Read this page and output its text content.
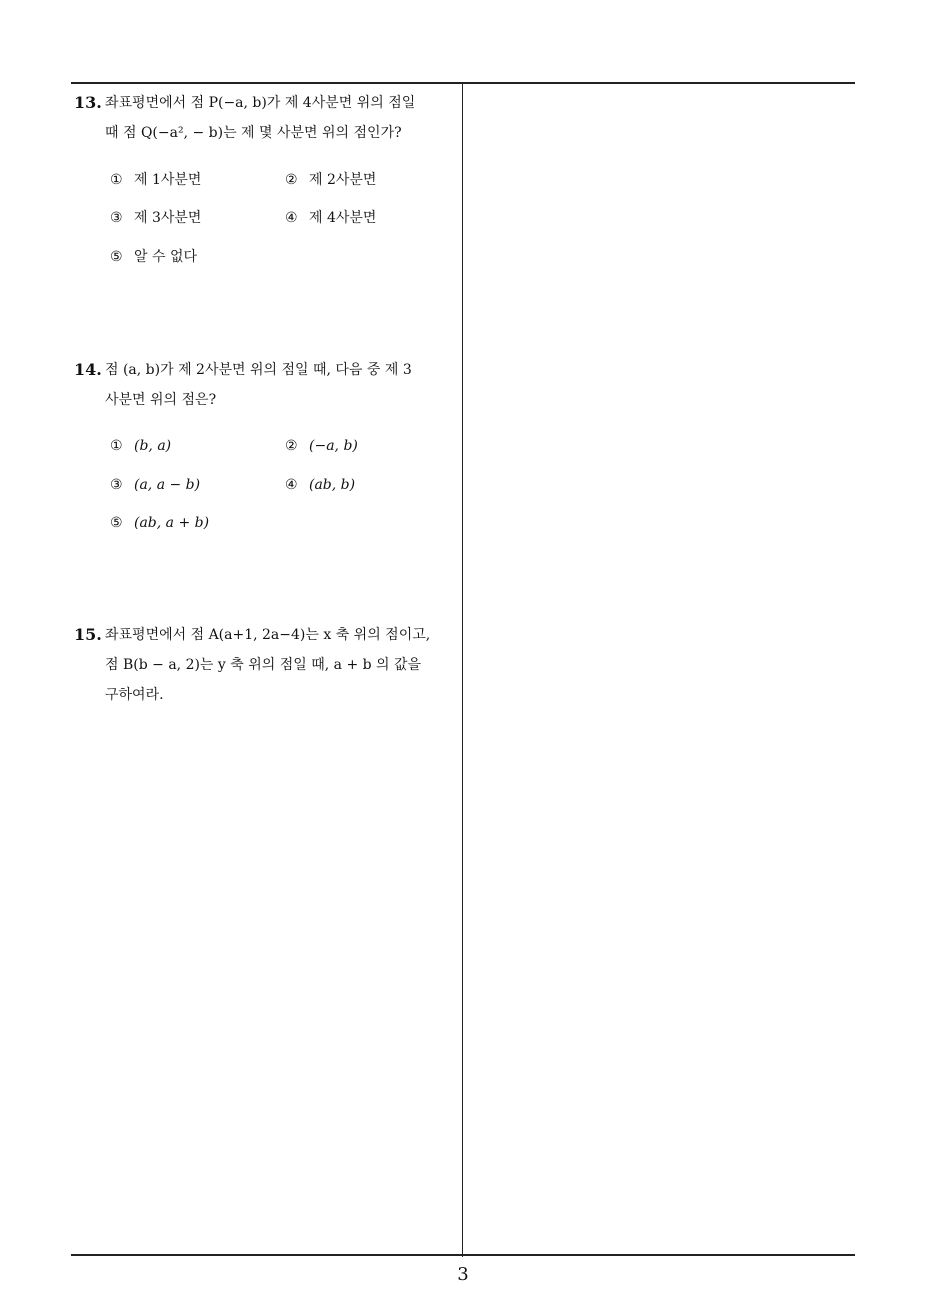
13. 좌표평면에서 점 P(−a, b)가 제 4사분면 위의 점일
때 점 Q(−a², − b)는 제 몇 사분면 위의 점인가?
① 제 1사분면	② 제 2사분면
③ 제 3사분면	④ 제 4사분면
⑤ 알 수 없다
14. 점 (a, b)가 제 2사분면 위의 점일 때, 다음 중 제 3
사분면 위의 점은?
① (b, a)	② (−a, b)
③ (a, a − b)	④ (ab, b)
⑤ (ab, a + b)
15. 좌표평면에서 점 A(a+1, 2a−4)는 x 축 위의 점이고,
점 B(b − a, 2)는 y 축 위의 점일 때, a + b 의 값을
구하여라.
3
